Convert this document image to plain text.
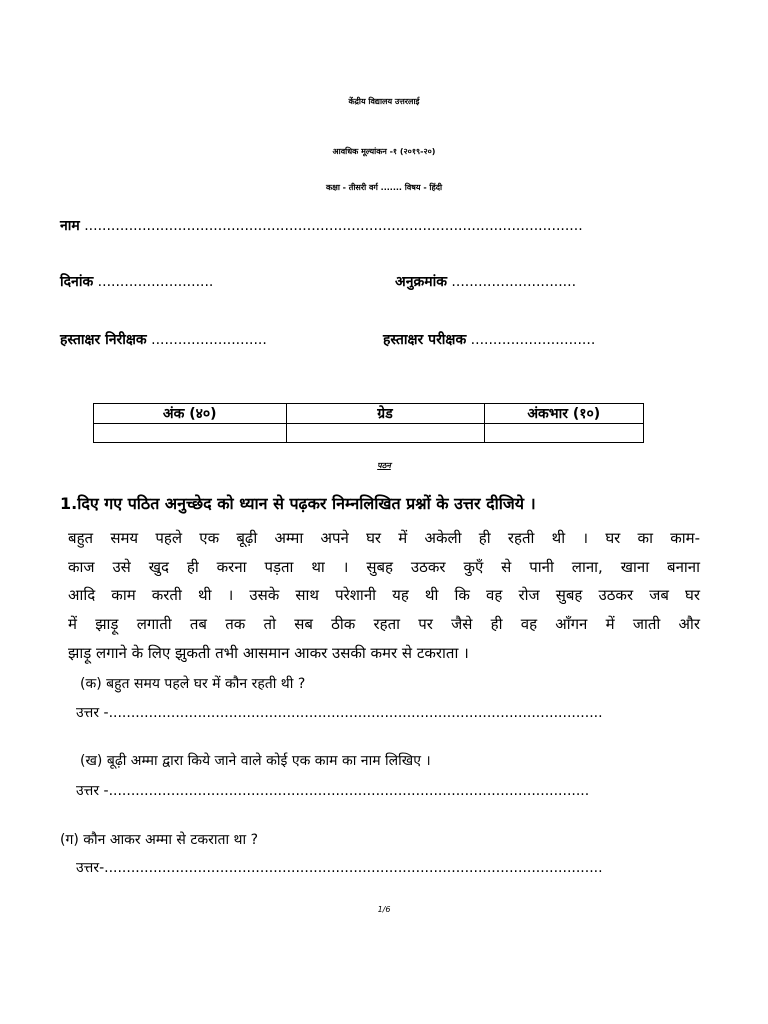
केंद्रीय विद्यालय उत्तरलाई
आवधिक मूल्यांकन -१ (२०१९-२०)
कक्षा - तीसरी वर्ग ....... विषय - हिंदी
नाम ................................................................................................................
दिनांक ..........................	अनुक्रमांक ............................
हस्ताक्षर निरीक्षक ..........................	हस्ताक्षर परीक्षक ............................
अंक (४०)	ग्रेड	अंकभार (१०)

पठन
1.दिए गए पठित अनुच्छेद को ध्यान से पढ़कर निम्नलिखित प्रश्नों के उत्तर दीजिये ।
बहुत समय पहले एक बूढ़ी अम्मा अपने घर में अकेली ही रहती थी । घर का काम-
काज उसे खुद ही करना पड़ता था । सुबह उठकर कुएँ से पानी लाना, खाना बनाना
आदि काम करती थी । उसके साथ परेशानी यह थी कि वह रोज सुबह उठकर जब घर
में झाड़ू लगाती तब तक तो सब ठीक रहता पर जैसे ही वह आँगन में जाती और
झाड़ू लगाने के लिए झुकती तभी आसमान आकर उसकी कमर से टकराता ।
(क) बहुत समय पहले घर में कौन रहती थी ?
उत्तर -...............................................................................................................
(ख) बूढ़ी अम्मा द्वारा किये जाने वाले कोई एक काम का नाम लिखिए ।
उत्तर -............................................................................................................
(ग) कौन आकर अम्मा से टकराता था ?
उत्तर-................................................................................................................
1/6
